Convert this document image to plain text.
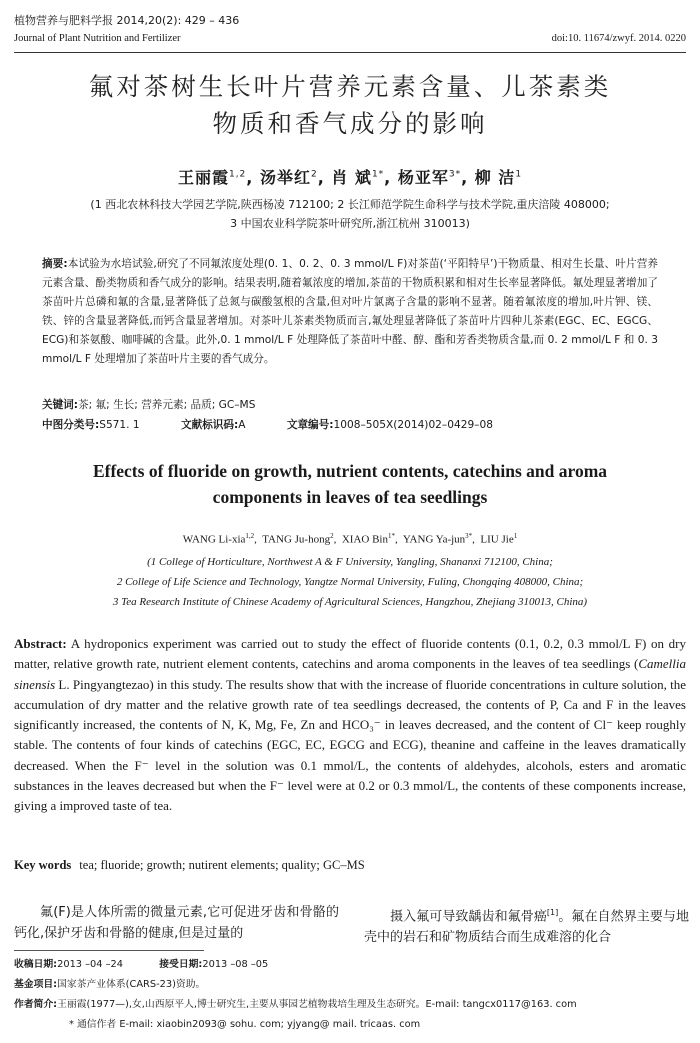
植物营养与肥料学报 2014,20(2): 429 – 436
Journal of Plant Nutrition and Fertilizer	doi:10. 11674/zwyf. 2014. 0220
氟对茶树生长叶片营养元素含量、儿茶素类
物质和香气成分的影响
王丽霞$^{1,2}$, 汤举红$^2$, 肖 斌$^{1*}$, 杨亚军$^{3*}$, 柳 洁$^1$
(1 西北农林科技大学园艺学院,陕西杨凌 712100; 2 长江师范学院生命科学与技术学院,重庆涪陵 408000;
3 中国农业科学院茶叶研究所,浙江杭州 310013)
摘要:本试验为水培试验,研究了不同氟浓度处理(0. 1、0. 2、0. 3 mmol/L F)对茶苗(‘平阳特早’)干物质量、相对生长量、叶片营养元素含量、酚类物质和香气成分的影响。结果表明,随着氟浓度的增加,茶苗的干物质积累和相对生长率显著降低。氟处理显著增加了茶苗叶片总磷和氟的含量,显著降低了总氮与碳酸氢根的含量,但对叶片氯离子含量的影响不显著。随着氟浓度的增加,叶片钾、镁、铁、锌的含量显著降低,而钙含量显著增加。对茶叶儿茶素类物质而言,氟处理显著降低了茶苗叶片四种儿茶素(EGC、EC、EGCG、ECG)和茶氨酸、咖啡碱的含量。此外,0. 1 mmol/L F 处理降低了茶苗叶中醛、醇、酯和芳香类物质含量,而 0. 2 mmol/L F 和 0. 3 mmol/L F 处理增加了茶苗叶片主要的香气成分。
关键词:茶; 氟; 生长; 营养元素; 品质; GC–MS
中图分类号:S571. 1	文献标识码:A	文章编号:1008–505X(2014)02–0429–08
Effects of fluoride on growth, nutrient contents, catechins and aroma
components in leaves of tea seedlings
WANG Li-xia$^{1,2}$,  TANG Ju-hong$^2$,  XIAO Bin$^{1*}$,  YANG Ya-jun$^{3*}$,  LIU Jie$^1$
(1 College of Horticulture, Northwest A & F University, Yangling, Shananxi 712100, China;
2 College of Life Science and Technology, Yangtze Normal University, Fuling, Chongqing 408000, China;
3 Tea Research Institute of Chinese Academy of Agricultural Sciences, Hangzhou, Zhejiang 310013, China)
Abstract: A hydroponics experiment was carried out to study the effect of fluoride contents (0.1, 0.2, 0.3 mmol/L F) on dry matter, relative growth rate, nutrient element contents, catechins and aroma components in the leaves of tea seedlings (Camellia sinensis L. Pingyangtezao) in this study. The results show that with the increase of fluoride concentrations in culture solution, the accumulation of dry matter and the relative growth rate of tea seedlings decreased, the contents of P, Ca and F in the leaves significantly increased, the contents of N, K, Mg, Fe, Zn and HCO₃⁻ in leaves decreased, and the content of Cl⁻ keep roughly stable. The contents of four kinds of catechins (EGC, EC, EGCG and ECG), theanine and caffeine in the leaves dramatically decreased. When the F⁻ level in the solution was 0.1 mmol/L, the contents of aldehydes, alcohols, esters and aromatic substances in the leaves decreased but when the F⁻ level were at 0.2 or 0.3 mmol/L, the contents of these components increase, giving a improved taste of tea.
Key words tea; fluoride; growth; nutirent elements; quality; GC–MS
氟(F)是人体所需的微量元素,它可促进牙齿和骨骼的钙化,保护牙齿和骨骼的健康,但是过量的
摄入氟可导致龋齿和氟骨癌[1]。氟在自然界主要与地壳中的岩石和矿物质结合而生成难溶的化合
收稿日期:2013 –04 –24	接受日期:2013 –08 –05
基金项目:国家茶产业体系(CARS-23)资助。
作者简介:王丽霞(1977—),女,山西原平人,博士研究生,主要从事园艺植物栽培生理及生态研究。E-mail: tangcx0117@163. com
* 通信作者 E-mail: xiaobin2093@ sohu. com; yjyang@ mail. tricaas. com
